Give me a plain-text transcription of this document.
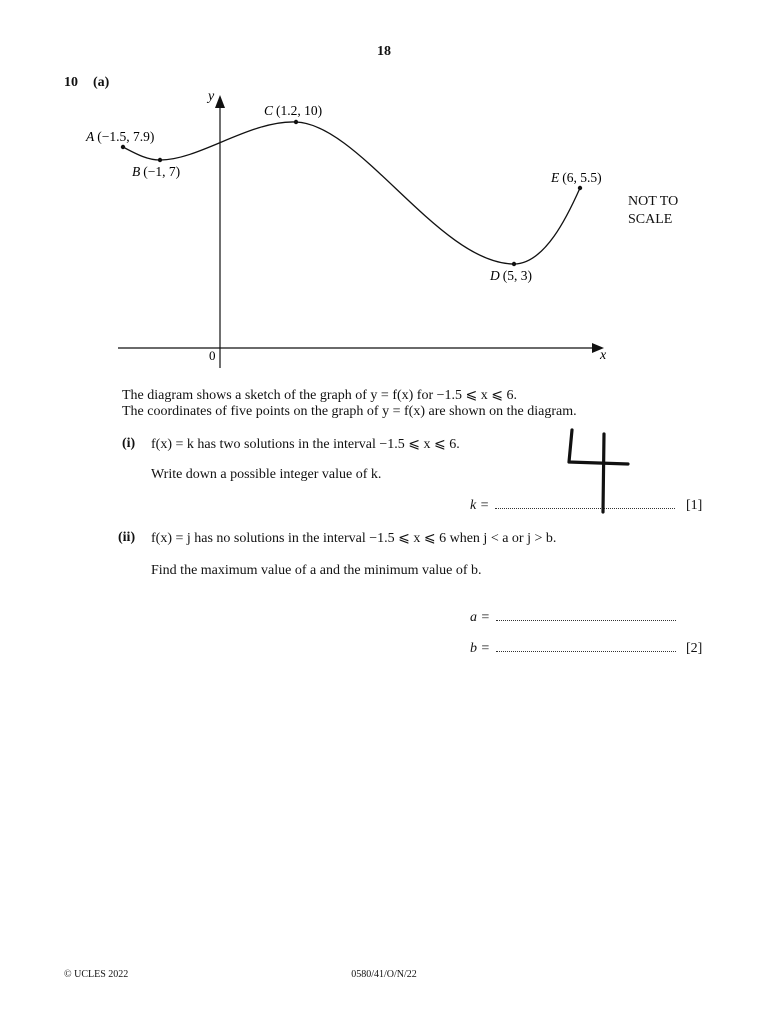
18
10 (a)
y
x
0
A (−1.5, 7.9)
B (−1, 7)
C (1.2, 10)
D (5, 3)
E (6, 5.5)
NOT TO
SCALE
The diagram shows a sketch of the graph of y = f(x) for −1.5 ⩽ x ⩽ 6.
The coordinates of five points on the graph of y = f(x) are shown on the diagram.
(i) f(x) = k has two solutions in the interval −1.5 ⩽ x ⩽ 6.
Write down a possible integer value of k.
k =	[1]
(ii) f(x) = j has no solutions in the interval −1.5 ⩽ x ⩽ 6 when j < a or j > b.
Find the maximum value of a and the minimum value of b.
a =
b =	[2]
© UCLES 2022	0580/41/O/N/22
